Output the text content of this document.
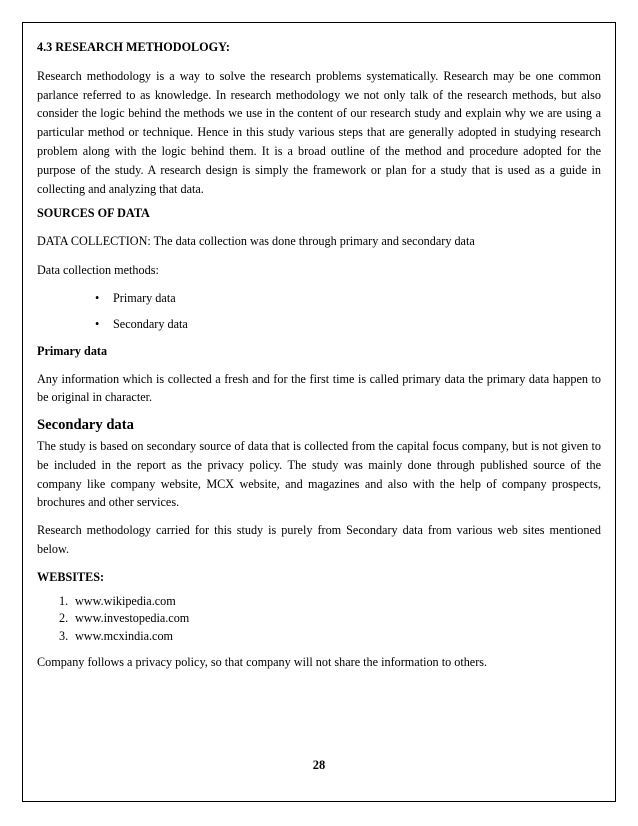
4.3 RESEARCH METHODOLOGY:

Research methodology is a way to solve the research problems systematically. Research may be one common parlance referred to as knowledge. In research methodology we not only talk of the research methods, but also consider the logic behind the methods we use in the content of our research study and explain why we are using a particular method or technique. Hence in this study various steps that are generally adopted in studying research problem along with the logic behind them. It is a broad outline of the method and procedure adopted for the purpose of the study. A research design is simply the framework or plan for a study that is used as a guide in collecting and analyzing that data.

SOURCES OF DATA

DATA COLLECTION: The data collection was done through primary and secondary data

Data collection methods:

• Primary data
• Secondary data
Primary data

Any information which is collected a fresh and for the first time is called primary data the primary data happen to be original in character.

Secondary data

The study is based on secondary source of data that is collected from the capital focus company, but is not given to be included in the report as the privacy policy. The study was mainly done through published source of the company like company website, MCX website, and magazines and also with the help of company prospects, brochures and other services.

Research methodology carried for this study is purely from Secondary data from various web sites mentioned below.

WEBSITES:
1. www.wikipedia.com
2. www.investopedia.com
3. www.mcxindia.com

Company follows a privacy policy, so that company will not share the information to others.

28
